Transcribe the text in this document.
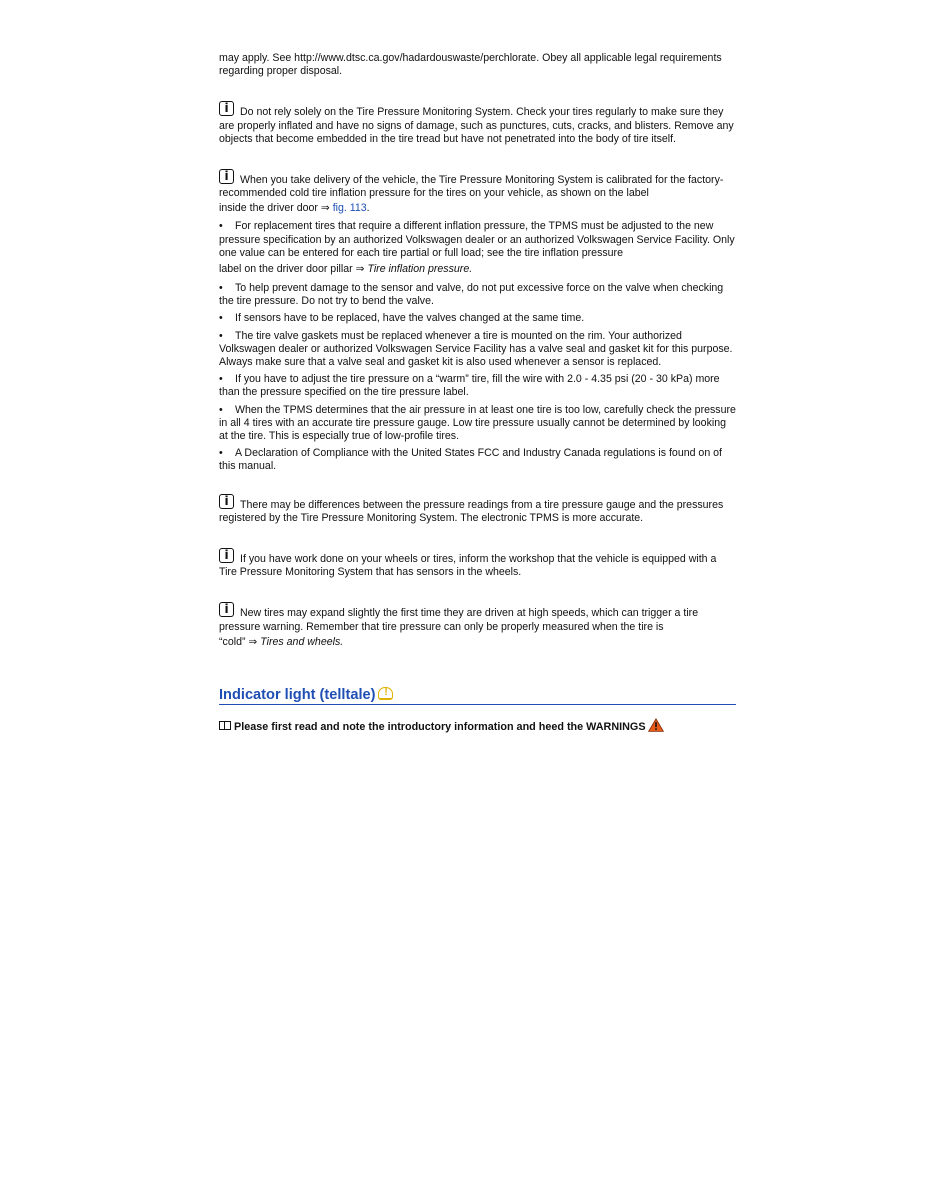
may apply. See http://www.dtsc.ca.gov/hadardouswaste/perchlorate. Obey all applicable legal requirements regarding proper disposal.

iDo not rely solely on the Tire Pressure Monitoring System. Check your tires regularly to make sure they are properly inflated and have no signs of damage, such as punctures, cuts, cracks, and blisters. Remove any objects that become embedded in the tire tread but have not penetrated into the body of tire itself.

iWhen you take delivery of the vehicle, the Tire Pressure Monitoring System is calibrated for the factory-recommended cold tire inflation pressure for the tires on your vehicle, as shown on the label

inside the driver door ⇒ fig. 113.

• For replacement tires that require a different inflation pressure, the TPMS must be adjusted to the new pressure specification by an authorized Volkswagen dealer or an authorized Volkswagen Service Facility. Only one value can be entered for each tire partial or full load; see the tire inflation pressure
label on the driver door pillar ⇒ Tire inflation pressure.
• To help prevent damage to the sensor and valve, do not put excessive force on the valve when checking the tire pressure. Do not try to bend the valve.
• If sensors have to be replaced, have the valves changed at the same time.
• The tire valve gaskets must be replaced whenever a tire is mounted on the rim. Your authorized Volkswagen dealer or authorized Volkswagen Service Facility has a valve seal and gasket kit for this purpose. Always make sure that a valve seal and gasket kit is also used whenever a sensor is replaced.
• If you have to adjust the tire pressure on a “warm” tire, fill the wire with 2.0 - 4.35 psi (20 - 30 kPa) more than the pressure specified on the tire pressure label.
• When the TPMS determines that the air pressure in at least one tire is too low, carefully check the pressure in all 4 tires with an accurate tire pressure gauge. Low tire pressure usually cannot be determined by looking at the tire. This is especially true of low-profile tires.
• A Declaration of Compliance with the United States FCC and Industry Canada regulations is found on of this manual.

iThere may be differences between the pressure readings from a tire pressure gauge and the pressures registered by the Tire Pressure Monitoring System. The electronic TPMS is more accurate.

iIf you have work done on your wheels or tires, inform the workshop that the vehicle is equipped with a Tire Pressure Monitoring System that has sensors in the wheels.

iNew tires may expand slightly the first time they are driven at high speeds, which can trigger a tire pressure warning. Remember that tire pressure can only be properly measured when the tire is

“cold” ⇒ Tires and wheels.

Indicator light (telltale)!

Please first read and note the introductory information and heed the WARNINGS
